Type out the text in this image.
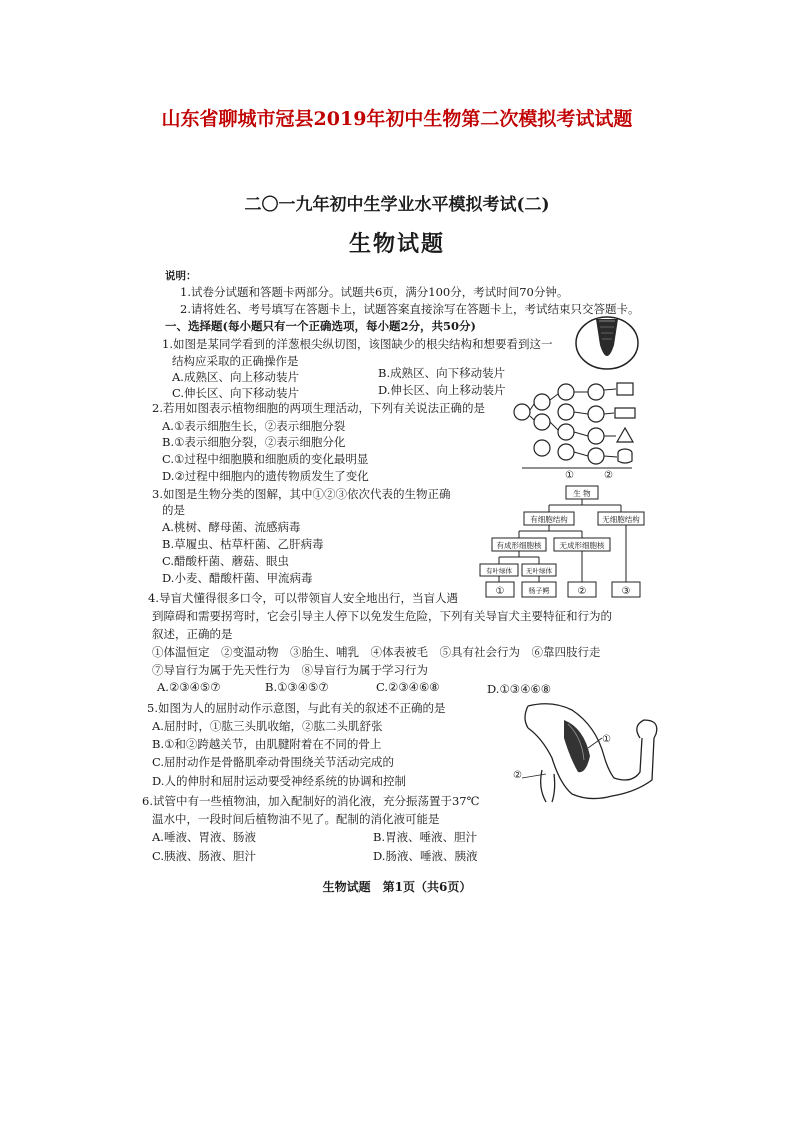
山东省聊城市冠县2019年初中生物第二次模拟考试试题
二〇一九年初中生学业水平模拟考试(二)
生物试题
说明：
1.试卷分试题和答题卡两部分。试题共6页，满分100分，考试时间70分钟。
2.请将姓名、考号填写在答题卡上，试题答案直接涂写在答题卡上，考试结束只交答题卡。
一、选择题(每小题只有一个正确选项，每小题2分，共50分)
1.如图是某同学看到的洋葱根尖纵切图，该图缺少的根尖结构和想要看到这一
结构应采取的正确操作是
A.成熟区、向上移动装片	B.成熟区、向下移动装片
C.伸长区、向下移动装片	D.伸长区、向上移动装片
2.若用如图表示植物细胞的两项生理活动，下列有关说法正确的是
A.①表示细胞生长，②表示细胞分裂
B.①表示细胞分裂，②表示细胞分化
C.①过程中细胞膜和细胞质的变化最明显
D.②过程中细胞内的遗传物质发生了变化	①	②
3.如图是生物分类的图解，其中①②③依次代表的生物正确
的是
A.桃树、酵母菌、流感病毒
B.草履虫、枯草杆菌、乙肝病毒
C.醋酸杆菌、蘑菇、眼虫
D.小麦、醋酸杆菌、甲流病毒
生 物
有细胞结构	无细胞结构
有成形细胞核 无成形细胞核
有叶绿体 无叶绿体
杨子鳄
①	②	③
4.导盲犬懂得很多口令，可以带领盲人安全地出行，当盲人遇
到障碍和需要拐弯时，它会引导主人停下以免发生危险，下列有关导盲犬主要特征和行为的
叙述，正确的是
①体温恒定　②变温动物　③胎生、哺乳　④体表被毛　⑤具有社会行为　⑥靠四肢行走
⑦导盲行为属于先天性行为　⑧导盲行为属于学习行为
A.②③④⑤⑦	B.①③④⑤⑦	C.②③④⑥⑧	D.①③④⑥⑧
5.如图为人的屈肘动作示意图，与此有关的叙述不正确的是
A.屈肘时，①肱三头肌收缩，②肱二头肌舒张
B.①和②跨越关节，由肌腱附着在不同的骨上
C.屈肘动作是骨骼肌牵动骨围绕关节活动完成的
D.人的伸肘和屈肘运动要受神经系统的协调和控制
①
②
6.试管中有一些植物油，加入配制好的消化液，充分振荡置于37℃
温水中，一段时间后植物油不见了。配制的消化液可能是
A.唾液、胃液、肠液	B.胃液、唾液、胆汁
C.胰液、肠液、胆汁	D.肠液、唾液、胰液
生物试题　第1页（共6页）
